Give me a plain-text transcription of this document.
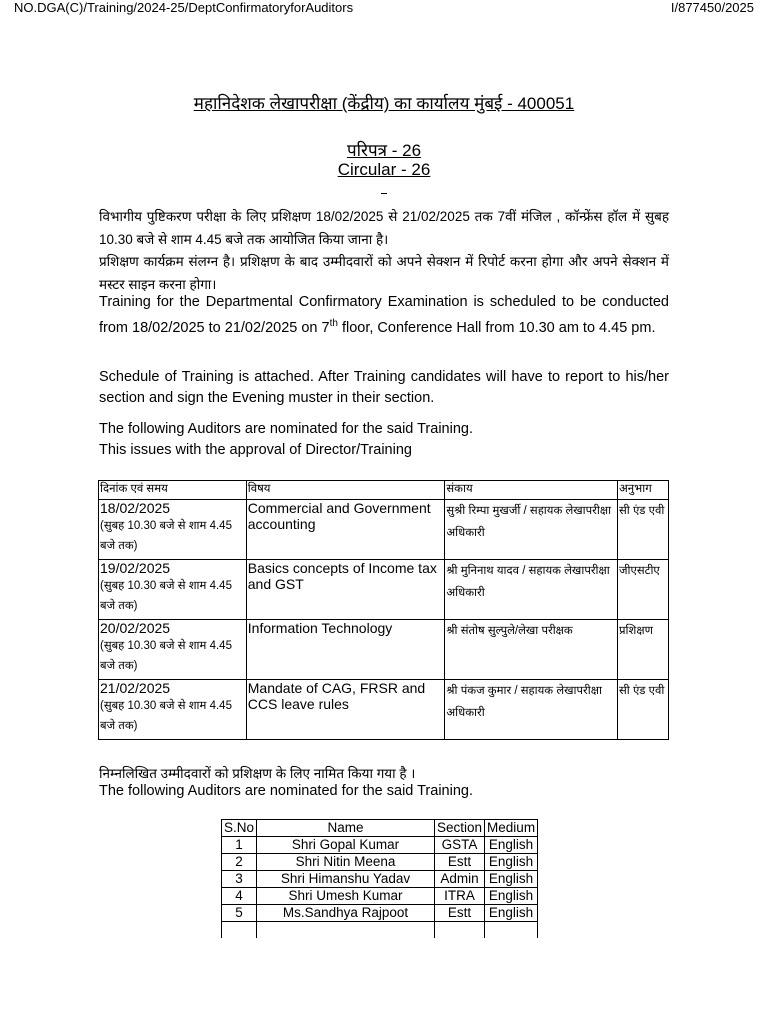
NO.DGA(C)/Training/2024-25/DeptConfirmatoryforAuditors	I/877450/2025
महानिदेशक लेखापरीक्षा (केंद्रीय) का कार्यालय मुंबई - 400051
परिपत्र - 26
Circular - 26
विभागीय पुष्टिकरण परीक्षा के लिए प्रशिक्षण 18/02/2025 से 21/02/2025 तक 7वीं मंजिल , कॉन्फ्रेंस हॉल में सुबह 10.30 बजे से शाम 4.45 बजे तक आयोजित किया जाना है।
प्रशिक्षण कार्यक्रम संलग्न है। प्रशिक्षण के बाद उम्मीदवारों को अपने सेक्शन में रिपोर्ट करना होगा और अपने सेक्शन में मस्टर साइन करना होगा।
Training for the Departmental Confirmatory Examination is scheduled to be conducted from 18/02/2025 to 21/02/2025 on 7th floor, Conference Hall from 10.30 am to 4.45 pm.
Schedule of Training is attached. After Training candidates will have to report to his/her section and sign the Evening muster in their section.
The following Auditors are nominated for the said Training.
This issues with the approval of Director/Training
दिनांक एवं समय	विषय	संकाय	अनुभाग

18/02/2025
(सुबह 10.30 बजे से शाम 4.45 बजे तक)	Commercial and Government accounting	सुश्री रिम्पा मुखर्जी / सहायक लेखापरीक्षा अधिकारी	सी एंड एवी

19/02/2025
(सुबह 10.30 बजे से शाम 4.45 बजे तक)	Basics concepts of Income tax and GST	श्री मुनिनाथ यादव / सहायक लेखापरीक्षा अधिकारी	जीएसटीए

20/02/2025
(सुबह 10.30 बजे से शाम 4.45 बजे तक)	Information Technology	श्री संतोष सुल्पुले/लेखा परीक्षक	प्रशिक्षण

21/02/2025
(सुबह 10.30 बजे से शाम 4.45 बजे तक)	Mandate of CAG, FRSR and CCS leave rules	श्री पंकज कुमार / सहायक लेखापरीक्षा अधिकारी	सी एंड एवी
निम्नलिखित उम्मीदवारों को प्रशिक्षण के लिए नामित किया गया है ।
The following Auditors are nominated for the said Training.
S.No	Name	Section	Medium
1	Shri Gopal Kumar	GSTA	English
2	Shri Nitin Meena	Estt	English
3	Shri Himanshu Yadav	Admin	English
4	Shri Umesh Kumar	ITRA	English
5	Ms.Sandhya Rajpoot	Estt	English
